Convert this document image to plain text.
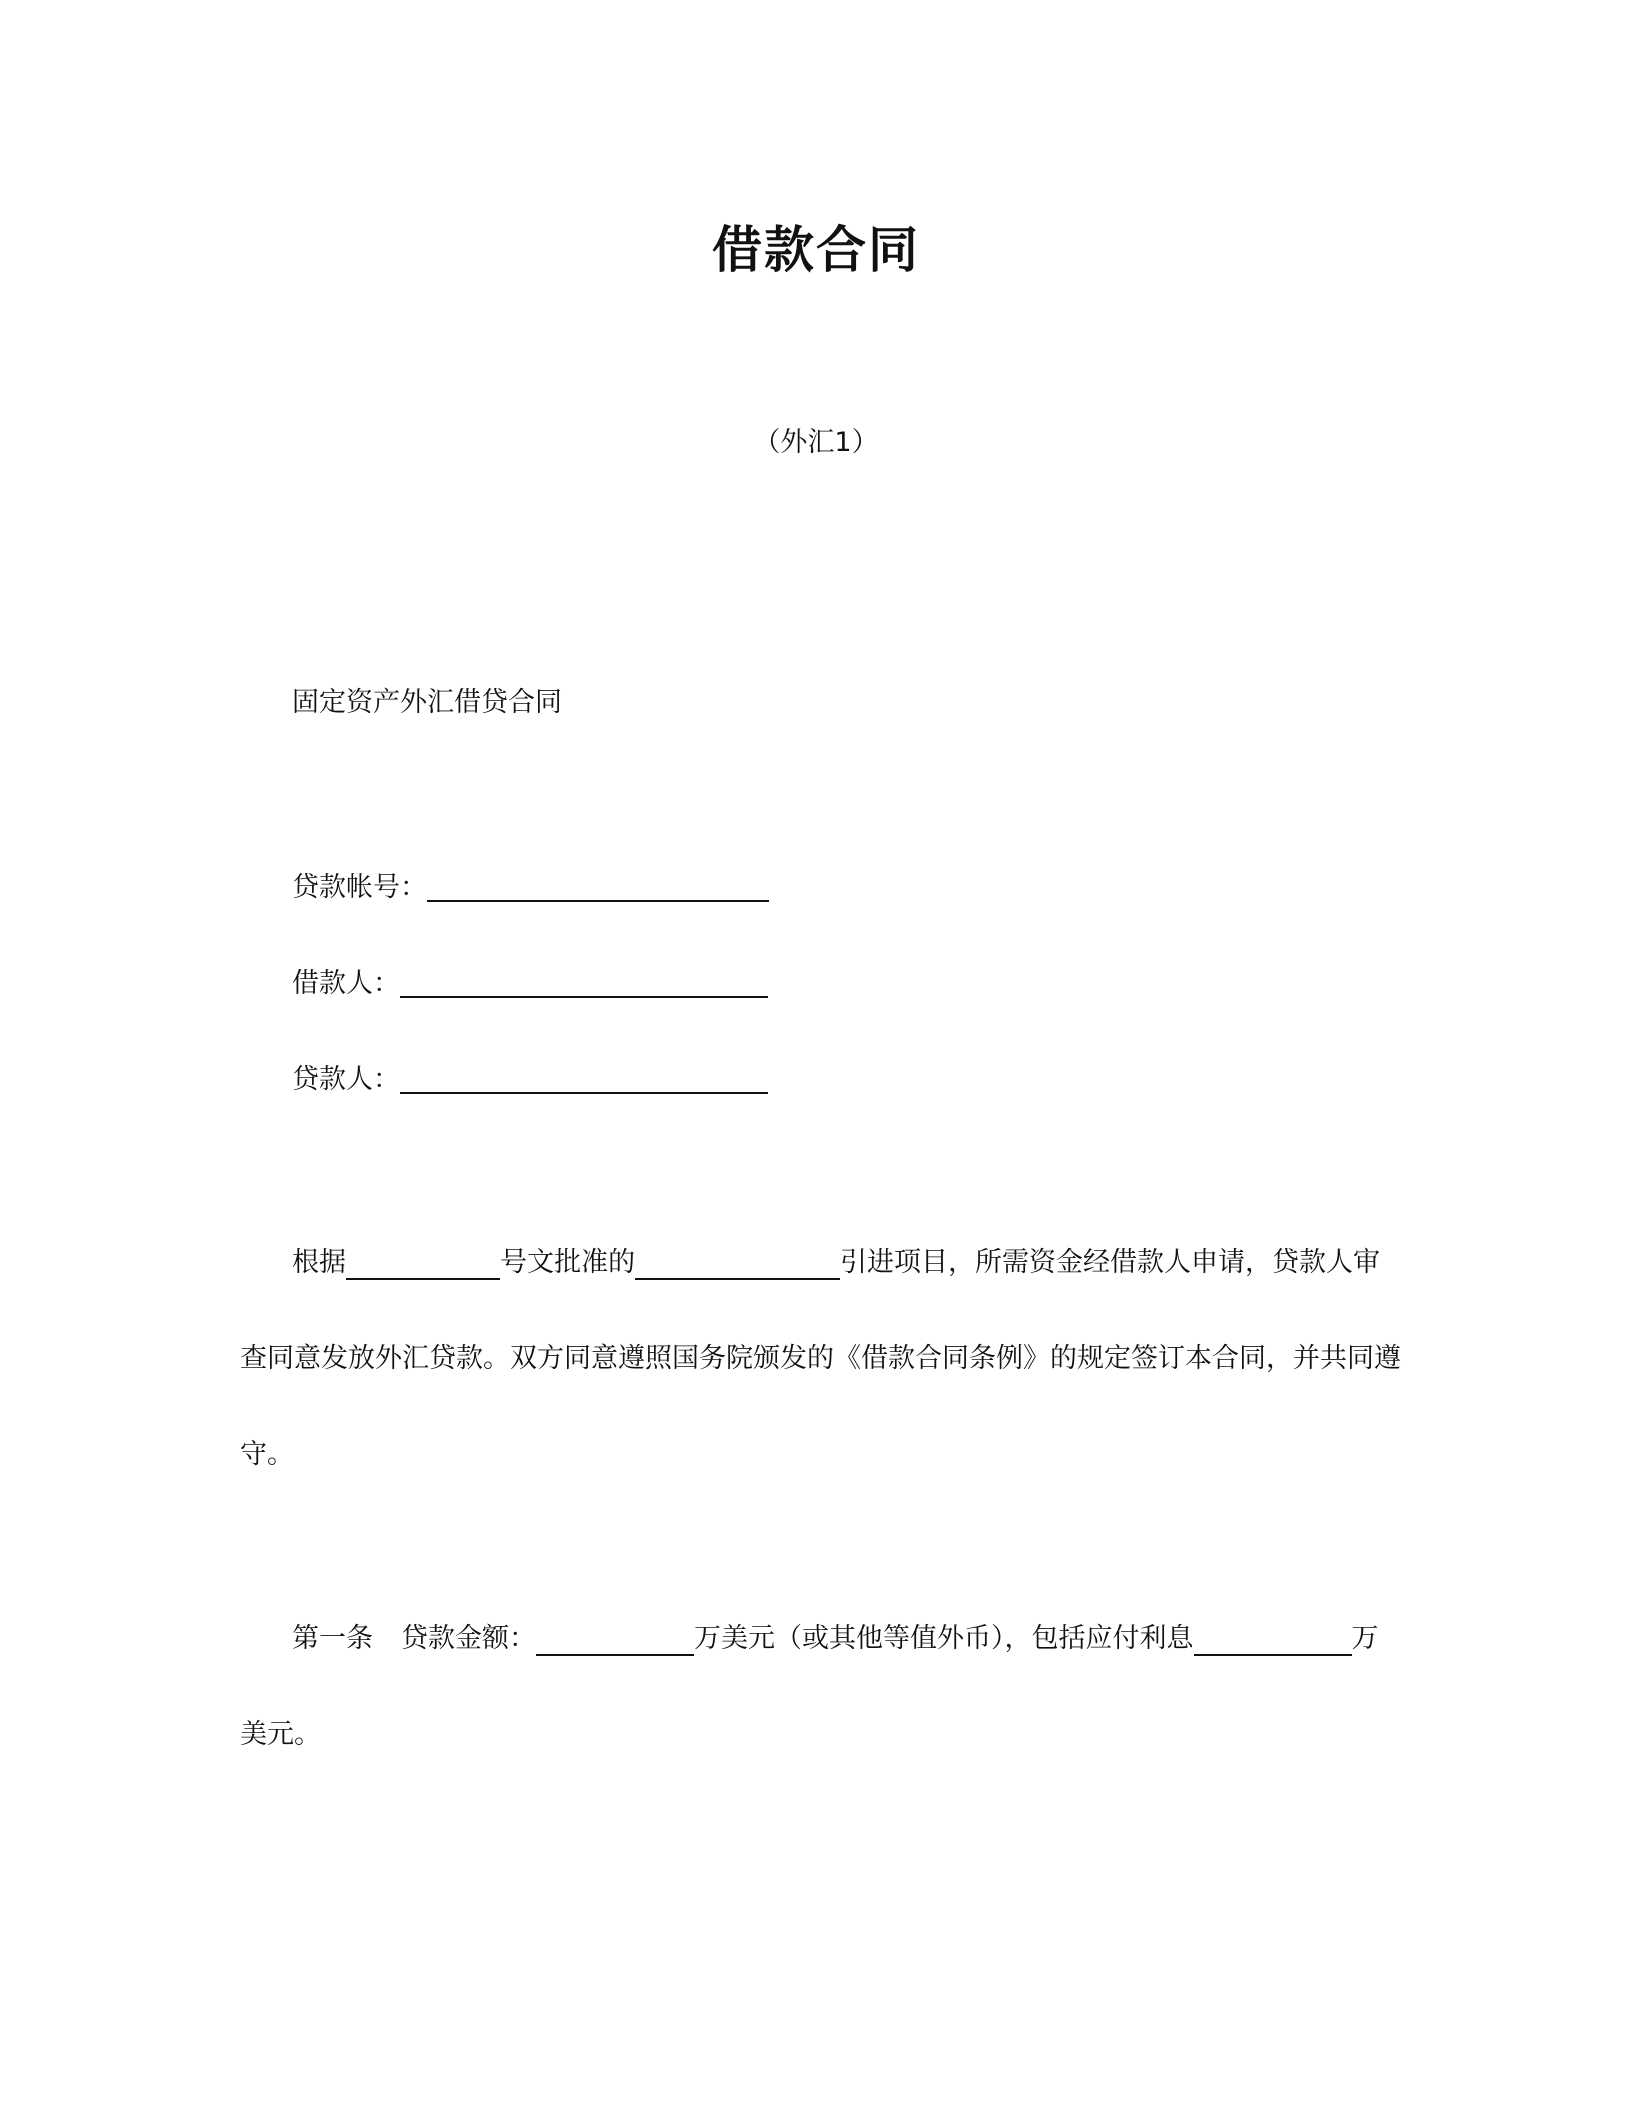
借款合同
（外汇1）
固定资产外汇借贷合同
贷款帐号：
借款人：
贷款人：
根据	号文批准的	引进项目，所需资金经借款人申请，贷款人审
查同意发放外汇贷款。双方同意遵照国务院颁发的《借款合同条例》的规定签订本合同，并共同遵
守。
第一条 贷款金额：	万美元（或其他等值外币），包括应付利息	万
美元。
